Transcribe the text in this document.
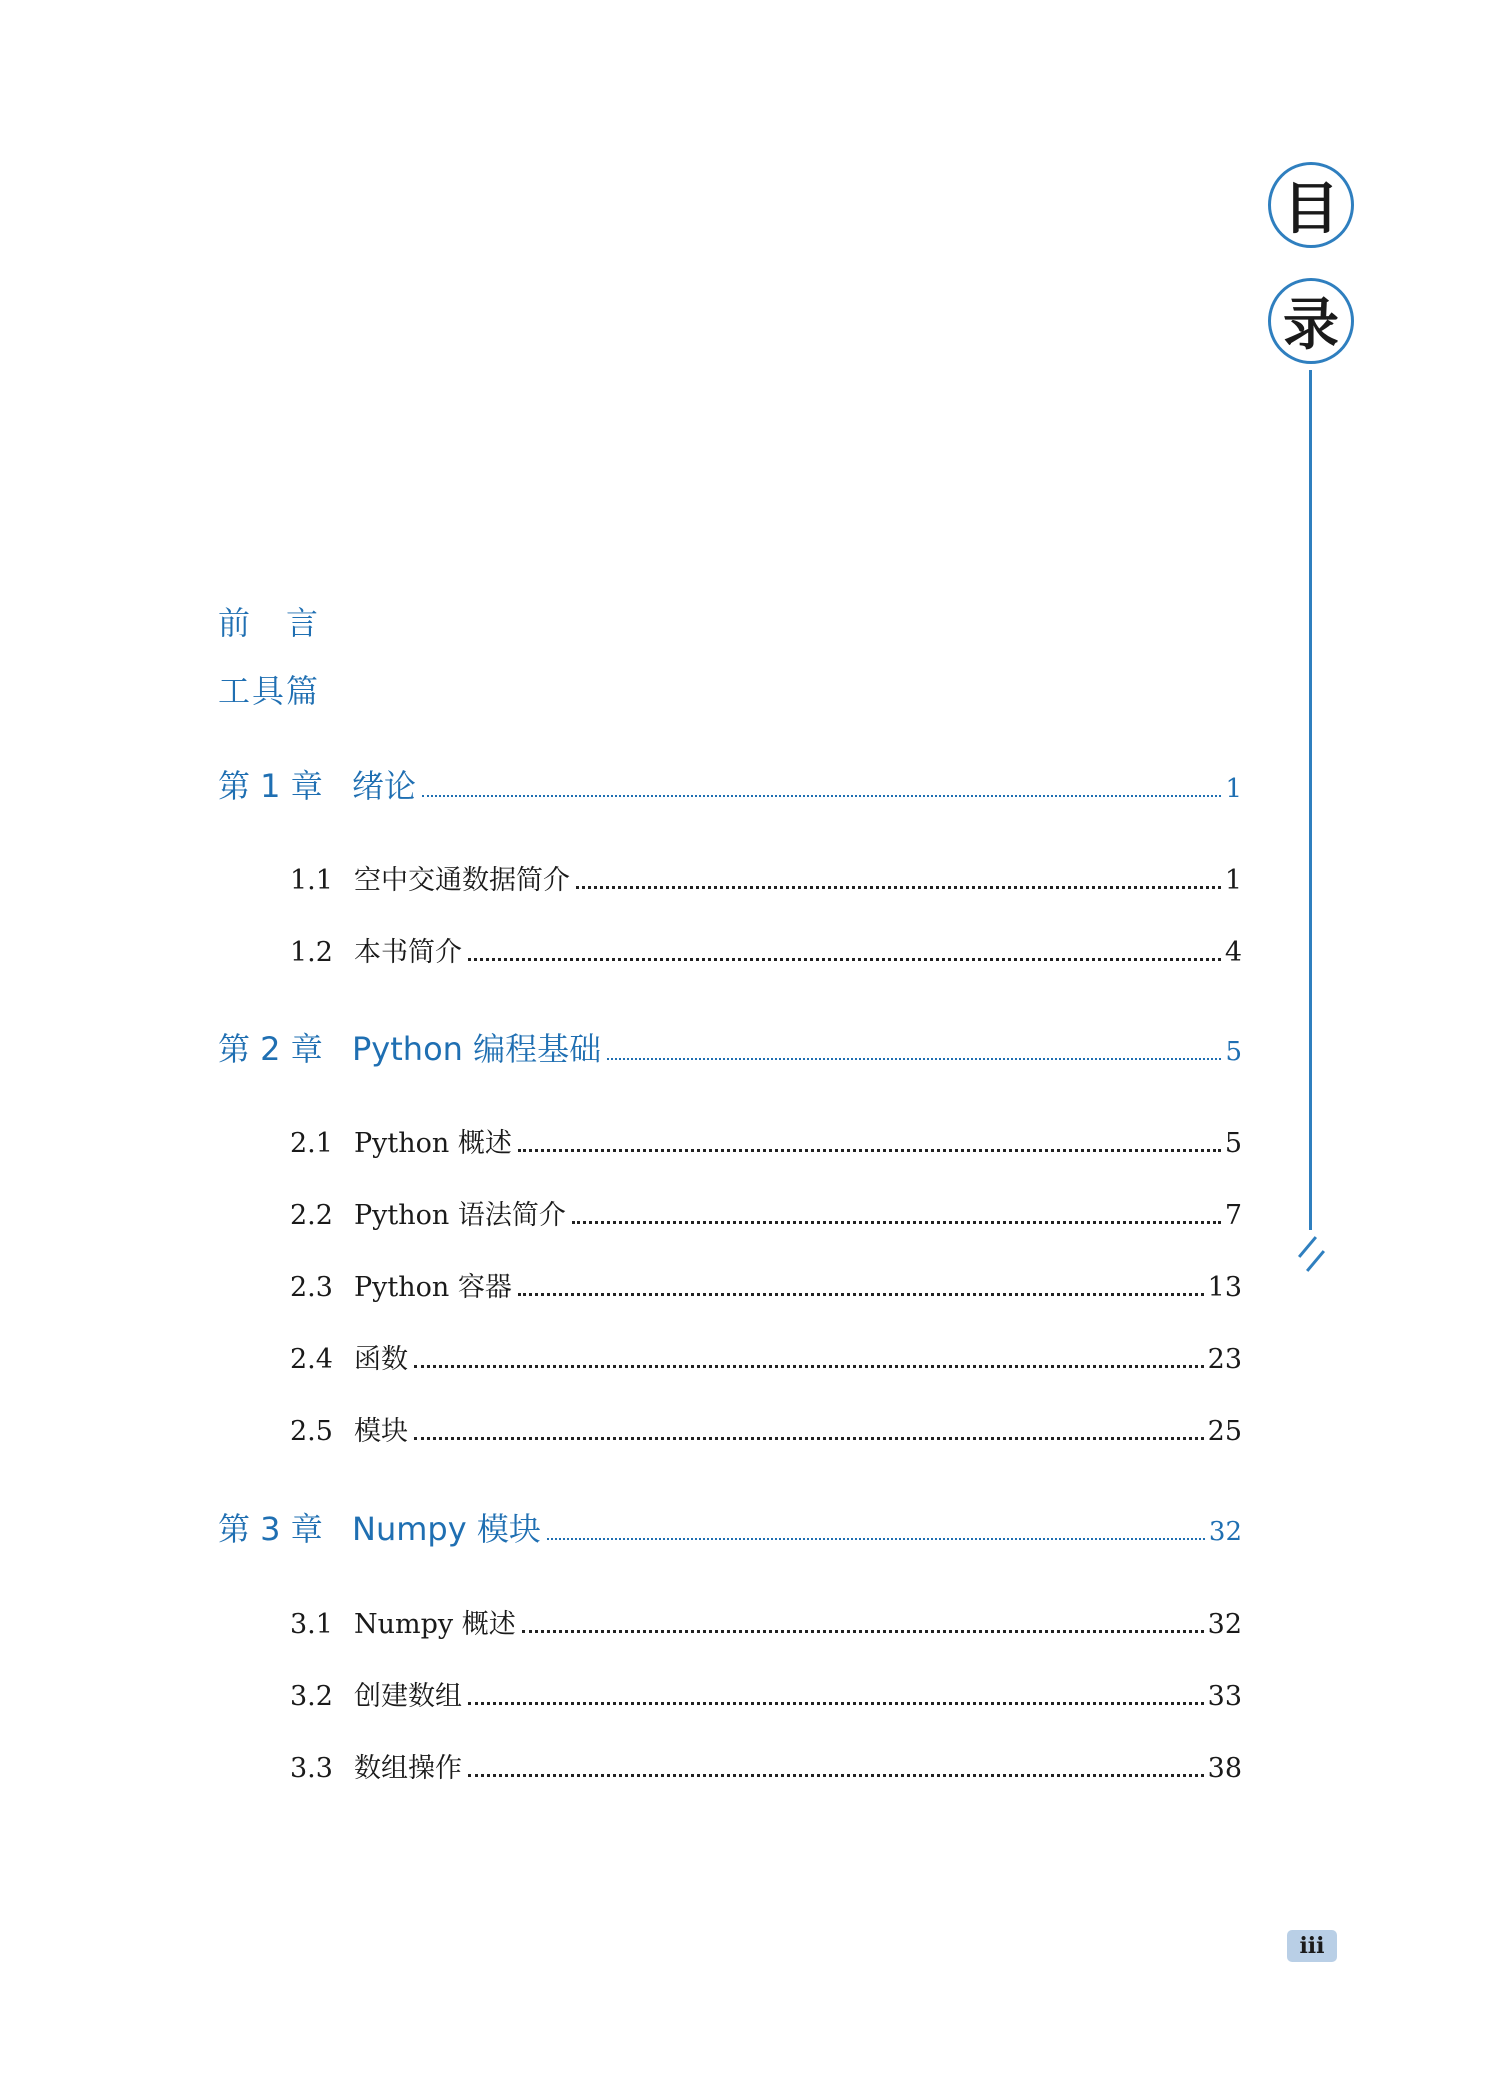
目
录
前　言
工具篇
第 1 章 绪论	1
1.1 空中交通数据简介	1
1.2 本书简介	4
第 2 章 Python 编程基础	5
2.1 Python 概述	5
2.2 Python 语法简介	7
2.3 Python 容器	13
2.4 函数	23
2.5 模块	25
第 3 章 Numpy 模块	32
3.1 Numpy 概述	32
3.2 创建数组	33
3.3 数组操作	38
iii
